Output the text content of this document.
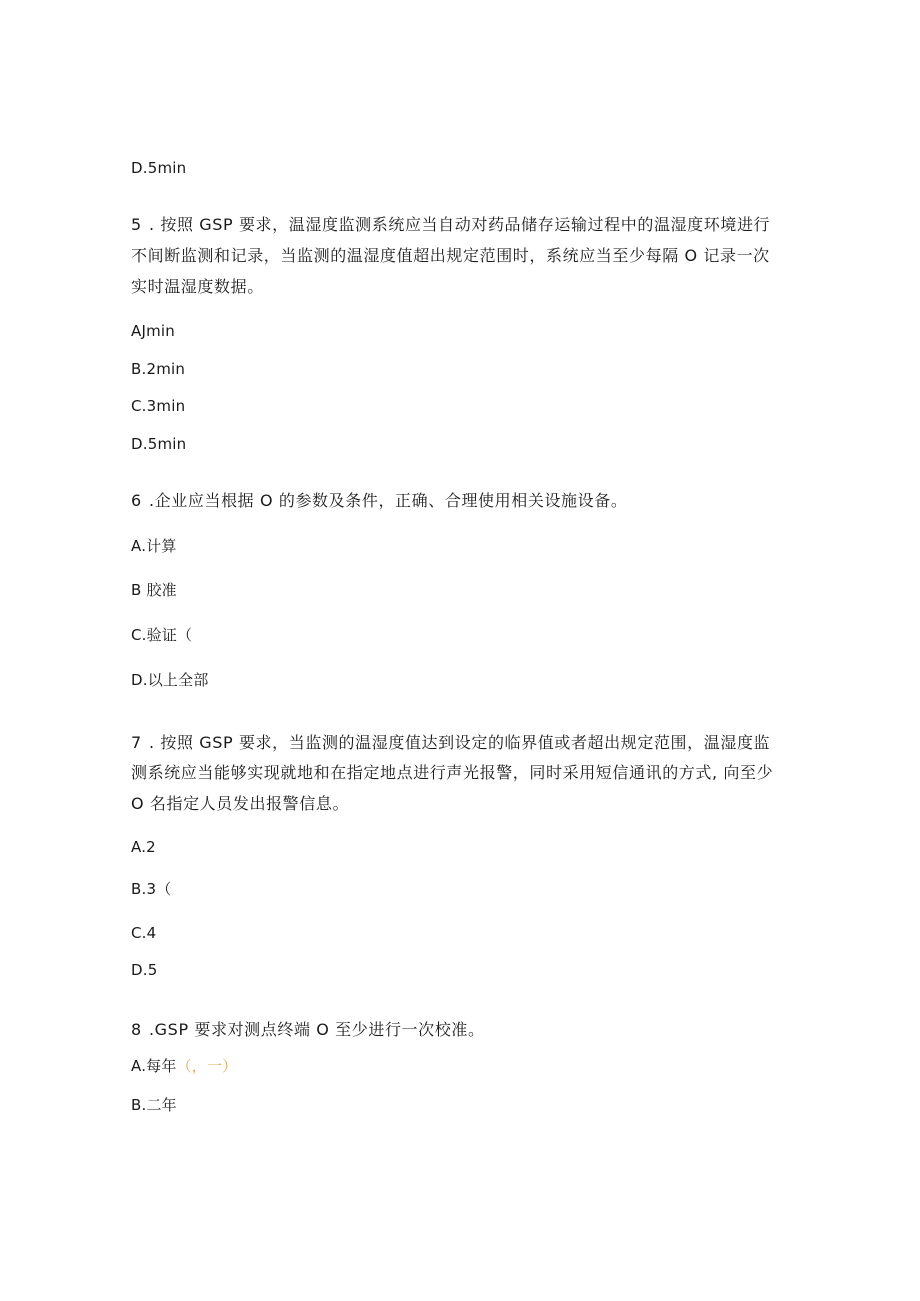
D.5min
5 . 按照 GSP 要求，温湿度监测系统应当自动对药品储存运输过程中的温湿度环境进行
不间断监测和记录，当监测的温湿度值超出规定范围时，系统应当至少每隔 O 记录一次
实时温湿度数据。
AJmin
B.2min
C.3min
D.5min
6 .企业应当根据 O 的参数及条件，正确、合理使用相关设施设备。
A.计算
B 胶准
C.验证（
D.以上全部
7 . 按照 GSP 要求，当监测的温湿度值达到设定的临界值或者超出规定范围，温湿度监
测系统应当能够实现就地和在指定地点进行声光报警，同时采用短信通讯的方式, 向至少
O 名指定人员发出报警信息。
A.2
B.3（
C.4
D.5
8 .GSP 要求对测点终端 O 至少进行一次校准。
A.每年（，一）
B.二年
